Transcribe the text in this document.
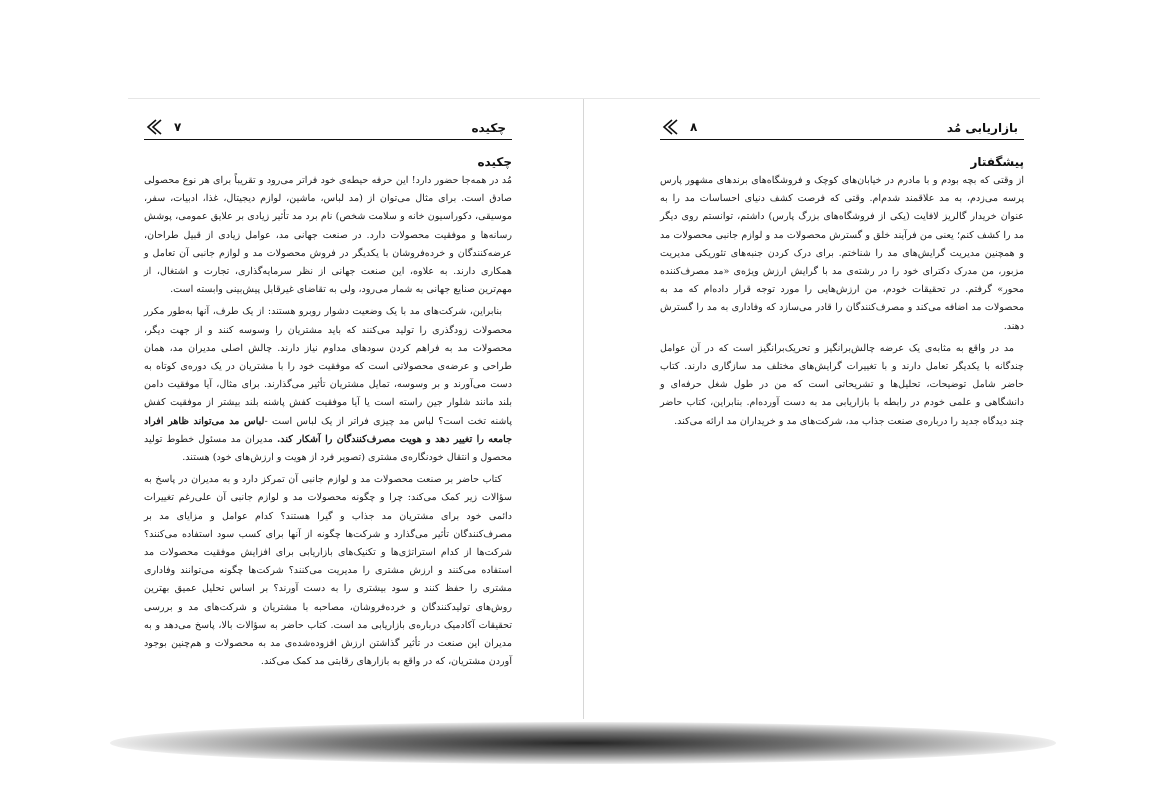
چکیده
۷
چکیده

مُد در همه‌جا حضور دارد! این حرفه حیطه‌ی خود فراتر می‌رود و تقریباً برای هر نوع محصولی صادق است. برای مثال می‌توان از (مد لباس، ماشین، لوازم دیجیتال، غذا، ادبیات، سفر، موسیقی، دکوراسیون خانه و سلامت شخص) نام برد مد تأثیر زیادی بر علایق عمومی، پوشش رسانه‌ها و موفقیت محصولات دارد. در صنعت جهانی مد، عوامل زیادی از قبیل طراحان، عرضه‌کنندگان و خرده‌فروشان با یکدیگر در فروش محصولات مد و لوازم جانبی آن تعامل و همکاری دارند. به علاوه، این صنعت جهانی از نظر سرمایه‌گذاری، تجارت و اشتغال، از مهم‌ترین صنایع جهانی به شمار می‌رود، ولی به تقاضای غیرقابل پیش‌بینی وابسته است.

بنابراین، شرکت‌های مد با یک وضعیت دشوار روبرو هستند: از یک طرف، آنها به‌طور مکرر محصولات زودگذری را تولید می‌کنند که باید مشتریان را وسوسه کنند و از جهت دیگر، محصولات مد به فراهم کردن سودهای مداوم نیاز دارند. چالش اصلی مدیران مد، همان طراحی و عرضه‌ی محصولاتی است که موفقیت خود را با مشتریان در یک دوره‌ی کوتاه به دست می‌آورند و بر وسوسه، تمایل مشتریان تأثیر می‌گذارند. برای مثال، آیا موفقیت دامن بلند مانند شلوار جین راسته است یا آیا موفقیت کفش پاشنه بلند بیشتر از موفقیت کفش پاشنه تخت است؟ لباس مد چیزی فراتر از یک لباس است -لباس مد می‌تواند ظاهر افراد جامعه را تغییر دهد و هویت مصرف‌کنندگان را آشکار کند. مدیران مد مسئول خطوط تولید محصول و انتقال خودنگاره‌ی مشتری (تصویر فرد از هویت و ارزش‌های خود) هستند.

کتاب حاضر بر صنعت محصولات مد و لوازم جانبی آن تمرکز دارد و به مدیران در پاسخ به سؤالات زیر کمک می‌کند: چرا و چگونه محصولات مد و لوازم جانبی آن علی‌رغم تغییرات دائمی خود برای مشتریان مد جذاب و گیرا هستند؟ کدام عوامل و مزایای مد بر مصرف‌کنندگان تأثیر می‌گذارد و شرکت‌ها چگونه از آنها برای کسب سود استفاده می‌کنند؟ شرکت‌ها از کدام استراتژی‌ها و تکنیک‌های بازاریابی برای افزایش موفقیت محصولات مد استفاده می‌کنند و ارزش مشتری را مدیریت می‌کنند؟ شرکت‌ها چگونه می‌توانند وفاداری مشتری را حفظ کنند و سود بیشتری را به دست آورند؟ بر اساس تحلیل عمیق بهترین روش‌های تولیدکنندگان و خرده‌فروشان، مصاحبه با مشتریان و شرکت‌های مد و بررسی تحقیقات آکادمیک درباره‌ی بازاریابی مد است. کتاب حاضر به سؤالات بالا، پاسخ می‌دهد و به مدیران این صنعت در تأثیر گذاشتن ارزش افزوده‌شده‌ی مد به محصولات و هم‌چنین بوجود آوردن مشتریان، که در واقع به بازارهای رقابتی مد کمک می‌کند.

بازاریابی مُد
۸
پیشگفتار

از وقتی که بچه بودم و با مادرم در خیابان‌های کوچک و فروشگاه‌های برندهای مشهور پارس پرسه می‌زدم، به مد علاقمند شدم‌ام. وقتی که فرصت کشف دنیای احساسات مد را به عنوان خریدار گالریز لافایت (یکی از فروشگاه‌های بزرگ پارس) داشتم، توانستم روی دیگر مد را کشف کنم؛ یعنی من فرآیند خلق و گسترش محصولات مد و لوازم جانبی محصولات مد و همچنین مدیریت گرایش‌های مد را شناختم. برای درک کردن جنبه‌های تئوریکی مدیریت مزبور، من مدرک دکترای خود را در رشته‌ی مد با گرایش ارزش ویژه‌ی «مد مصرف‌کننده محور» گرفتم. در تحقیقات خودم، من ارزش‌هایی را مورد توجه قرار داده‌ام که مد به محصولات مد اضافه می‌کند و مصرف‌کنندگان را قادر می‌سازد که وفاداری به مد را گسترش دهند.

مد در واقع به مثابه‌ی یک عرضه چالش‌برانگیز و تحریک‌برانگیز است که در آن عوامل چندگانه با یکدیگر تعامل دارند و با تغییرات گرایش‌های مختلف مد سازگاری دارند. کتاب حاضر شامل توضیحات، تحلیل‌ها و تشریحاتی است که من در طول شغل حرفه‌ای و دانشگاهی و علمی خودم در رابطه با بازاریابی مد به دست آورده‌ام. بنابراین، کتاب حاضر چند دیدگاه جدید را درباره‌ی صنعت جذاب مد، شرکت‌های مد و خریداران مد ارائه می‌کند.
